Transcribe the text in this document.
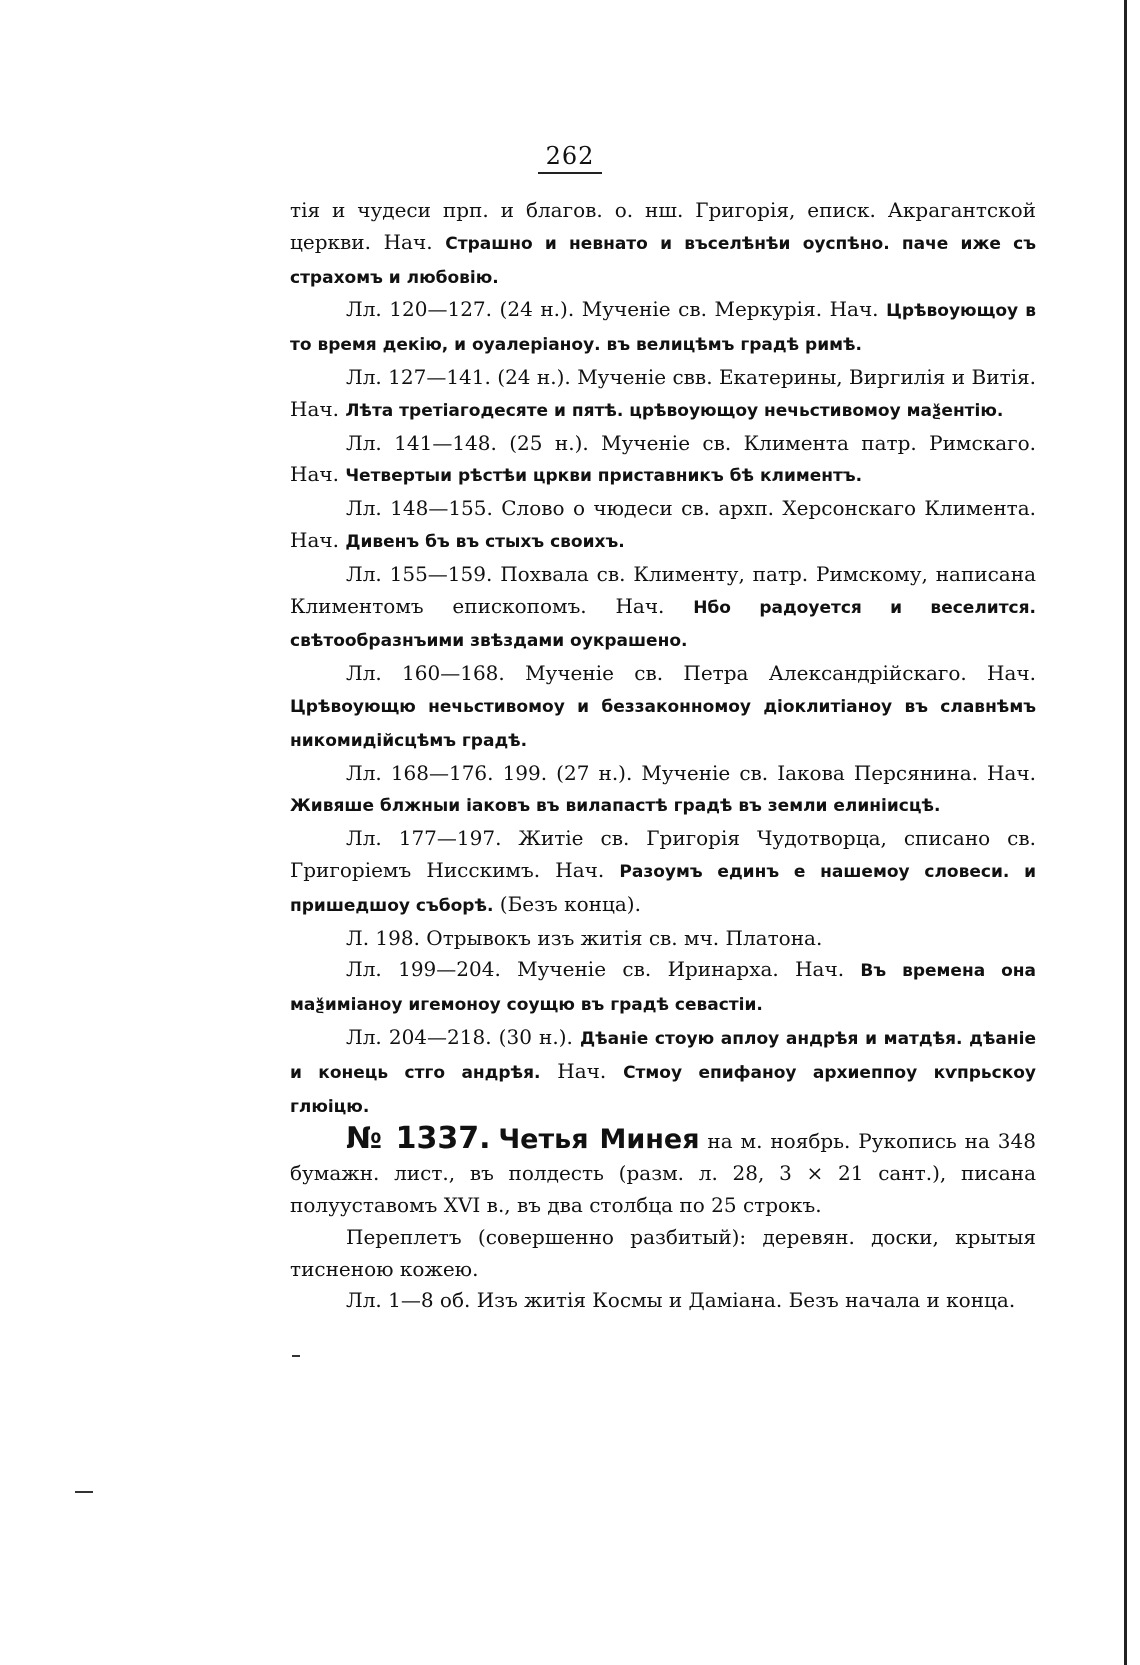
262

тія и чудеси прп. и благов. о. нш. Григорія, еписк. Акрагантской церкви. Нач. Страшно и невнато и въселѣнѣи оуспѣно. паче иже съ страхомъ и любовію.

Лл. 120—127. (24 н.). Мученіе св. Меркурія. Нач. Црѣвоующоу в то время декію, и оуалеріаноу. въ велицѣмъ градѣ римѣ.

Лл. 127—141. (24 н.). Мученіе свв. Екатерины, Виргилія и Витія. Нач. Лѣта третіагодесяте и пятѣ. црѣвоующоу нечьстивомоу маѯентію.

Лл. 141—148. (25 н.). Мученіе св. Климента патр. Римскаго. Нач. Четвертыи рѣстѣи цркви приставникъ бѣ климентъ.

Лл. 148—155. Слово о чюдеси св. архп. Херсонскаго Климента. Нач. Дивенъ бъ въ стыхъ своихъ.

Лл. 155—159. Похвала св. Клименту, патр. Римскому, написана Климентомъ епископомъ. Нач. Нбо радоуется и веселится. свѣтообразнъими звѣздами оукрашено.

Лл. 160—168. Мученіе св. Петра Александрійскаго. Нач. Црѣвоующю нечьстивомоу и беззаконномоу діоклитіаноу въ славнѣмъ никомидійсцѣмъ градѣ.

Лл. 168—176. 199. (27 н.). Мученіе св. Іакова Персянина. Нач. Живяше блжныи іаковъ въ вилапастѣ градѣ въ земли елиніисцѣ.

Лл. 177—197. Житіе св. Григорія Чудотворца, списано св. Григоріемъ Нисскимъ. Нач. Разоумъ единъ е нашемоу словеси. и пришедшоу съборѣ. (Безъ конца).

Л. 198. Отрывокъ изъ житія св. мч. Платона.

Лл. 199—204. Мученіе св. Иринарха. Нач. Въ времена она маѯиміаноу игемоноу соущю въ градѣ севастіи.

Лл. 204—218. (30 н.). Дѣаніе стоую аплоу андрѣя и матдѣя. дѣаніе и конець стго андрѣя. Нач. Стмоу епифаноу архиеппоу кѵпрьскоу глюіцю.

№ 1337. Четья Минея на м. ноябрь. Рукопись на 348 бумажн. лист., въ полдесть (разм. л. 28, 3 × 21 сант.), писана полууставомъ XVI в., въ два столбца по 25 строкъ.

Переплетъ (совершенно разбитый): деревян. доски, крытыя тисненою кожею.

Лл. 1—8 об. Изъ житія Космы и Даміана. Безъ начала и конца.
